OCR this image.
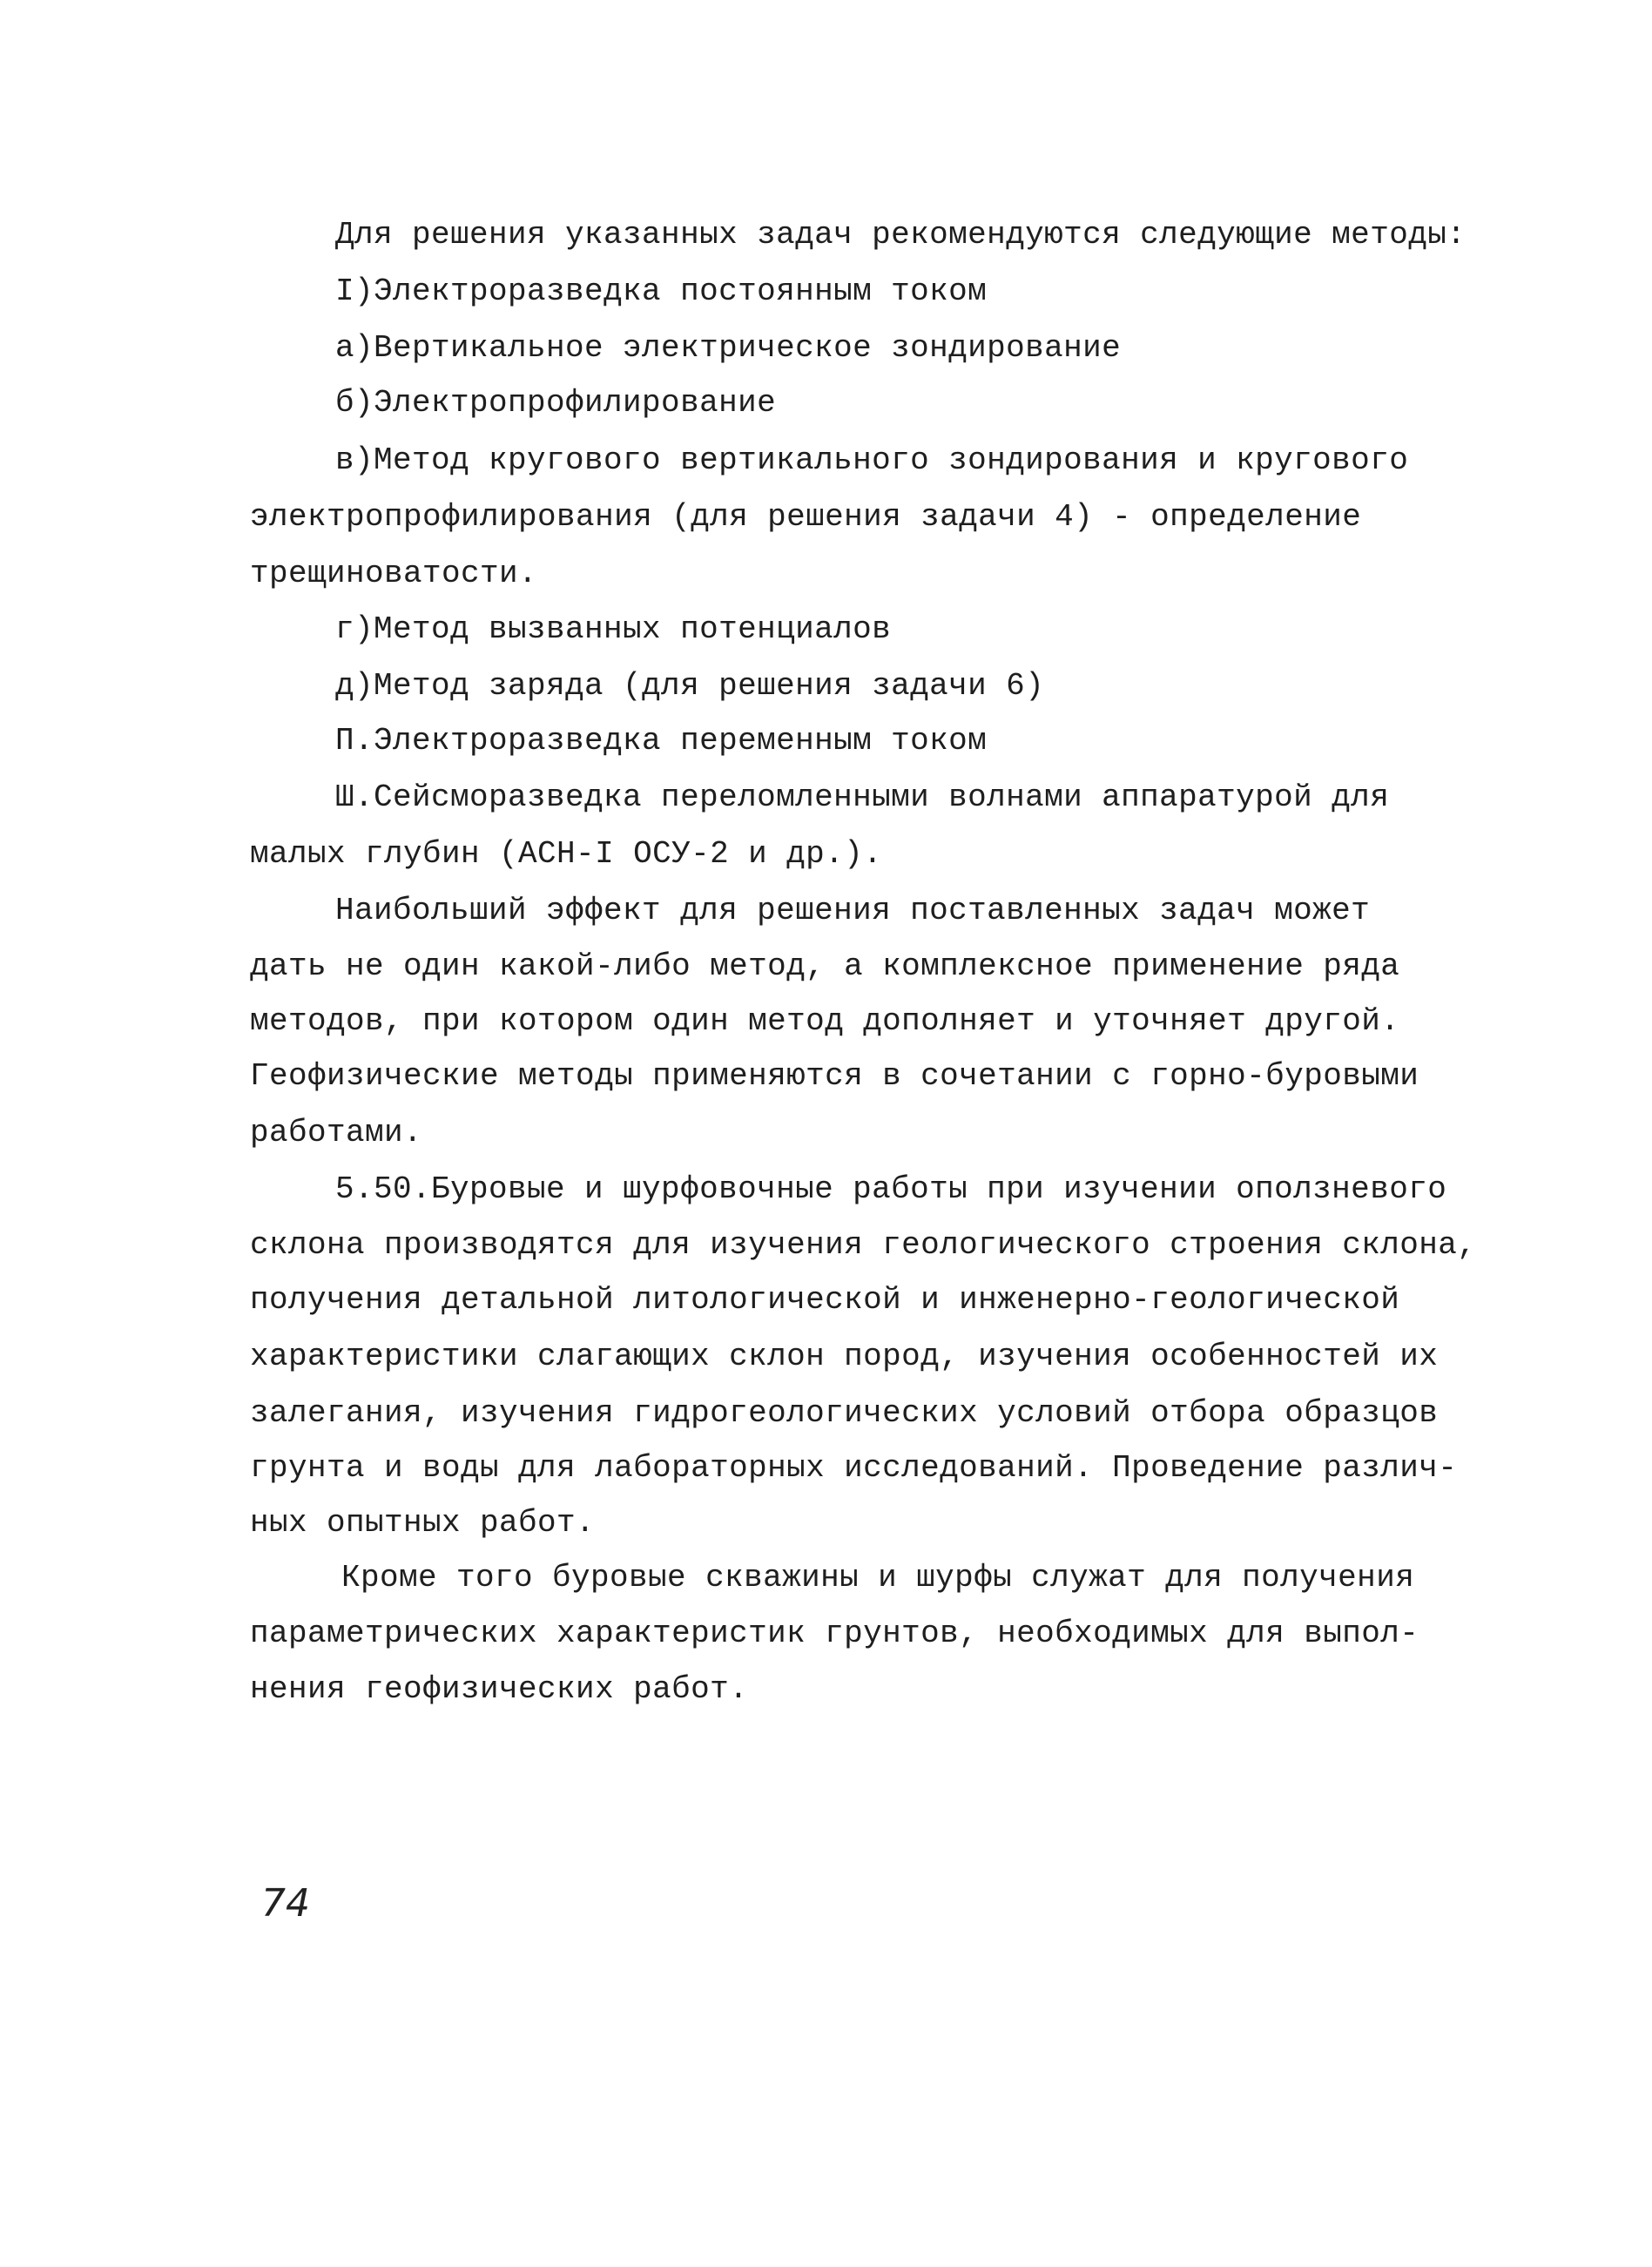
Для решения указанных задач рекомендуются следующие методы:
I)Электроразведка постоянным током
а)Вертикальное электрическое зондирование
б)Электропрофилирование
в)Метод кругового вертикального зондирования и кругового
электропрофилирования (для решения задачи 4) - определение
трещиноватости.
г)Метод вызванных потенциалов
д)Метод заряда (для решения задачи 6)
П.Электроразведка переменным током
Ш.Сейсморазведка переломленными волнами аппаратурой для
малых глубин (АСН-I ОСУ-2 и др.).
Наибольший эффект для решения поставленных задач может
дать не один какой-либо метод, а комплексное применение ряда
методов, при котором один метод дополняет и уточняет другой.
Геофизические методы применяются в сочетании с горно-буровыми
работами.
5.50.Буровые и шурфовочные работы при изучении оползневого
склона производятся для изучения геологического строения склона,
получения детальной литологической и инженерно-геологической
характеристики слагающих склон пород, изучения особенностей их
залегания, изучения гидрогеологических условий отбора образцов
грунта и воды для лабораторных исследований. Проведение различ-
ных опытных работ.
Кроме того буровые скважины и шурфы служат для получения
параметрических характеристик грунтов, необходимых для выпол-
нения геофизических работ.
74
